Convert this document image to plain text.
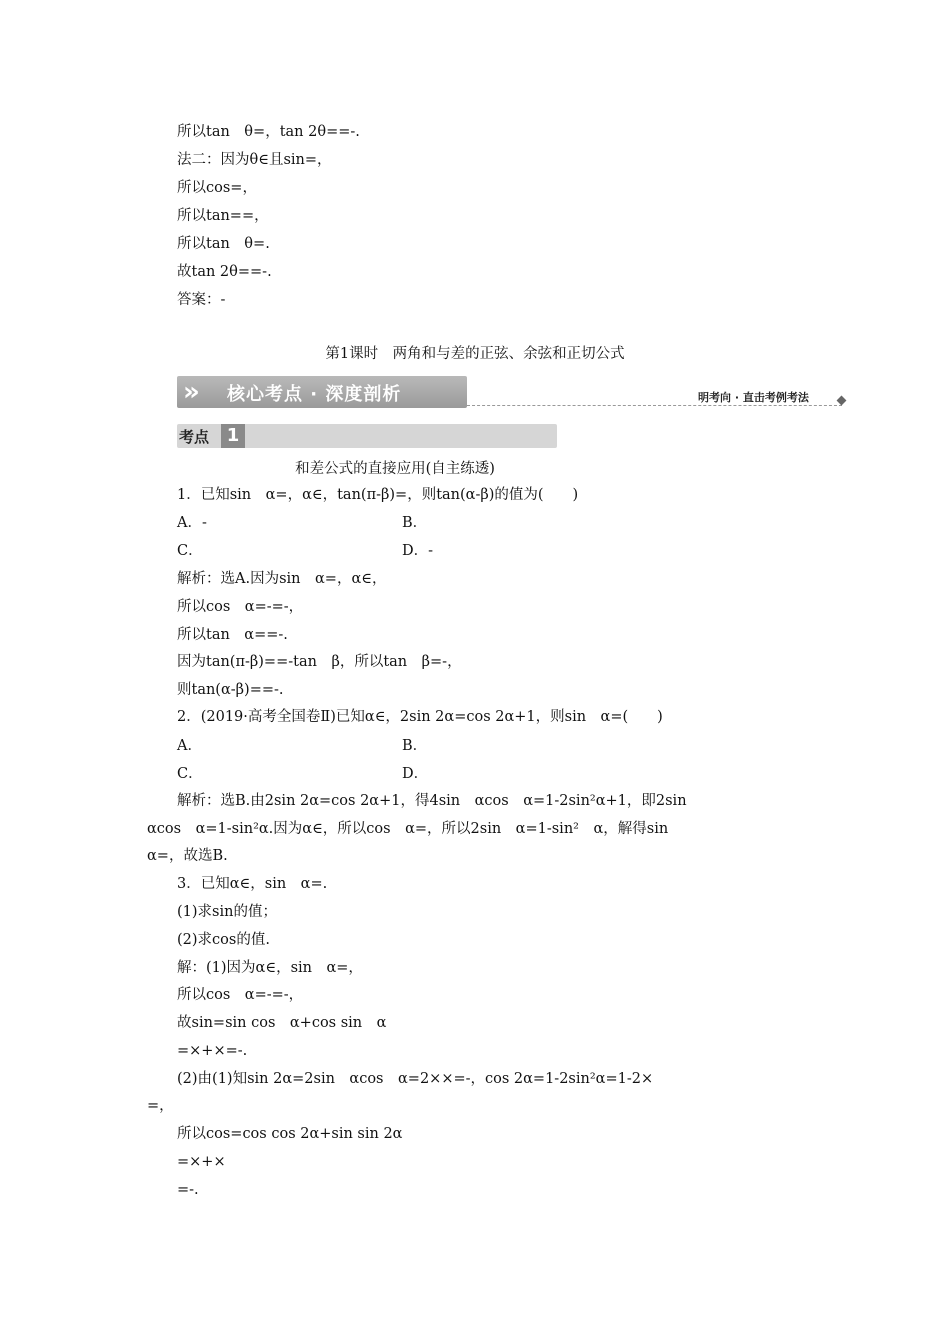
所以tan　θ=，tan 2θ==-.
法二：因为θ∈且sin=，
所以cos=，
所以tan==，
所以tan　θ=.
故tan 2θ==-.
答案：-
第1课时　两角和与差的正弦、余弦和正切公式
» 核心考点 · 深度剖析	明考向 · 直击考例考法
考点 1
和差公式的直接应用(自主练透)
1．已知sin　α=，α∈，tan(π-β)=，则tan(α-β)的值为(　　)
A．-	B．
C．	D．-
解析：选A.因为sin　α=，α∈，
所以cos　α=-=-，
所以tan　α==-.
因为tan(π-β)==-tan　β，所以tan　β=-，
则tan(α-β)==-.
2．(2019·高考全国卷Ⅱ)已知α∈，2sin 2α=cos 2α+1，则sin　α=(　　)
A．	B．
C．	D．
解析：选B.由2sin 2α=cos 2α+1，得4sin　αcos　α=1-2sin²α+1，即2sin
αcos　α=1-sin²α.因为α∈，所以cos　α=，所以2sin　α=1-sin²　α，解得sin
α=，故选B.
3．已知α∈，sin　α=.
(1)求sin的值；
(2)求cos的值.
解：(1)因为α∈，sin　α=，
所以cos　α=-=-，
故sin=sin cos　α+cos sin　α
=×+×=-.
(2)由(1)知sin 2α=2sin　αcos　α=2××=-，cos 2α=1-2sin²α=1-2×
=，
所以cos=cos cos 2α+sin sin 2α
=×+×
=-.
